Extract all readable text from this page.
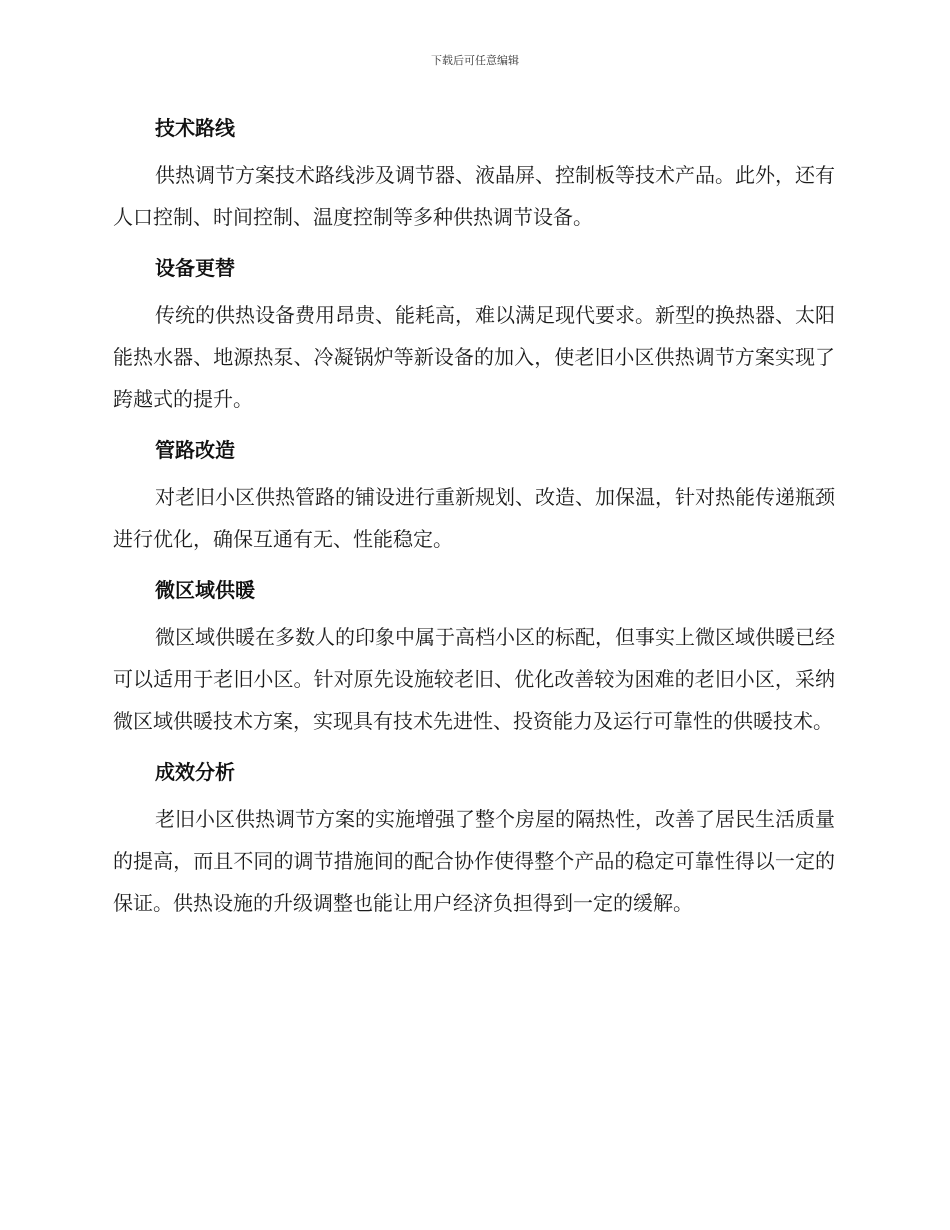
下载后可任意编辑
技术路线

供热调节方案技术路线涉及调节器、液晶屏、控制板等技术产品。此外，还有人口控制、时间控制、温度控制等多种供热调节设备。

设备更替

传统的供热设备费用昂贵、能耗高，难以满足现代要求。新型的换热器、太阳能热水器、地源热泵、冷凝锅炉等新设备的加入，使老旧小区供热调节方案实现了跨越式的提升。

管路改造

对老旧小区供热管路的铺设进行重新规划、改造、加保温，针对热能传递瓶颈进行优化，确保互通有无、性能稳定。

微区域供暖

微区域供暖在多数人的印象中属于高档小区的标配，但事实上微区域供暖已经可以适用于老旧小区。针对原先设施较老旧、优化改善较为困难的老旧小区，采纳微区域供暖技术方案，实现具有技术先进性、投资能力及运行可靠性的供暖技术。

成效分析

老旧小区供热调节方案的实施增强了整个房屋的隔热性，改善了居民生活质量的提高，而且不同的调节措施间的配合协作使得整个产品的稳定可靠性得以一定的保证。供热设施的升级调整也能让用户经济负担得到一定的缓解。
